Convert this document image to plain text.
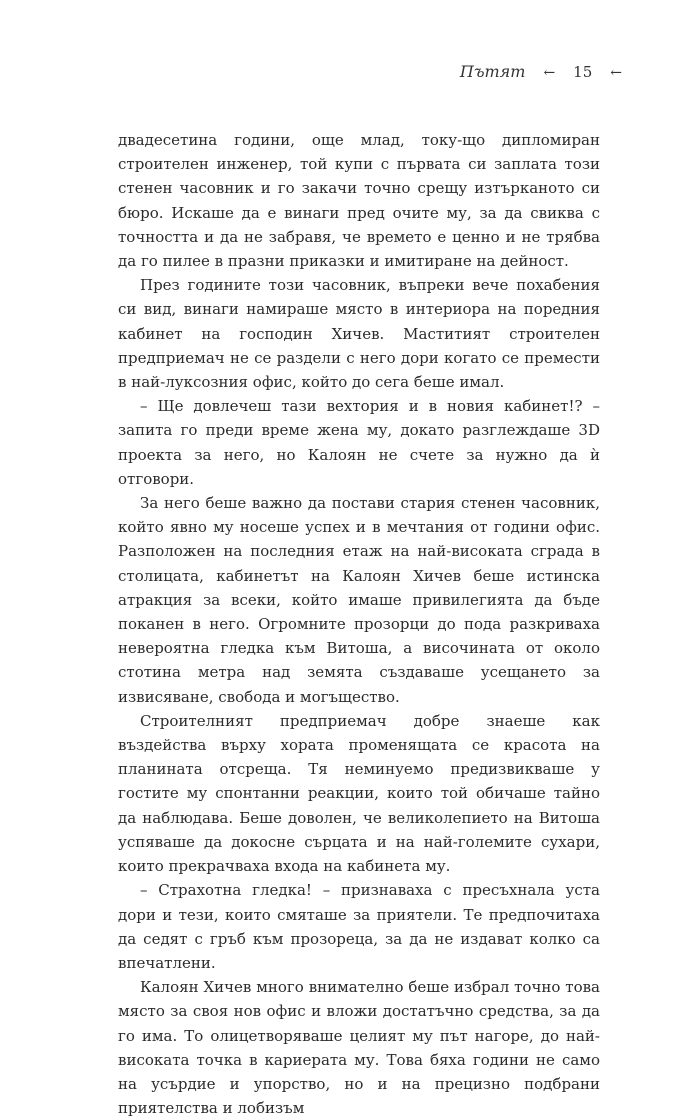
Пътят ← 15 ←

двадесетина години, още млад, току-що дипломиран строителен инженер, той купи с първата си заплата този стенен часовник и го закачи точно срещу изтърканото си бюро. Искаше да е винаги пред очите му, за да свиква с точността и да не забравя, че времето е ценно и не трябва да го пилее в празни приказки и имитиране на дейност.

През годините този часовник, въпреки вече похабения си вид, винаги намираше място в интериора на поредния кабинет на господин Хичев. Маститият строителен предприемач не се раздели с него дори когато се премести в най-луксозния офис, който до сега беше имал.

– Ще довлечеш тази вехтория и в новия кабинет!? – запита го преди време жена му, докато разглеждаше 3D проекта за него, но Калоян не счете за нужно да ѝ отговори.

За него беше важно да постави стария стенен часовник, който явно му носеше успех и в мечтания от години офис. Разположен на последния етаж на най-високата сграда в столицата, кабинетът на Калоян Хичев беше истинска атракция за всеки, който имаше привилегията да бъде поканен в него. Огромните прозорци до пода разкриваха невероятна гледка към Витоша, а височината от около стотина метра над земята създаваше усещането за извисяване, свобода и могъщество.

Строителният предприемач добре знаеше как въздейства върху хората променящата се красота на планината отсреща. Тя неминуемо предизвикваше у гостите му спонтанни реакции, които той обичаше тайно да наблюдава. Беше доволен, че великолепието на Витоша успяваше да докосне сърцата и на най-големите сухари, които прекрачваха входа на кабинета му.

– Страхотна гледка! – признаваха с пресъхнала уста дори и тези, които смяташе за приятели. Те предпочитаха да седят с гръб към прозореца, за да не издават колко са впечатлени.

Калоян Хичев много внимателно беше избрал точно това място за своя нов офис и вложи достатъчно средства, за да го има. То олицетворяваше целият му път нагоре, до най-високата точка в кариерата му. Това бяха години не само на усърдие и упорство, но и на прецизно подбрани приятелства и лобизъм
